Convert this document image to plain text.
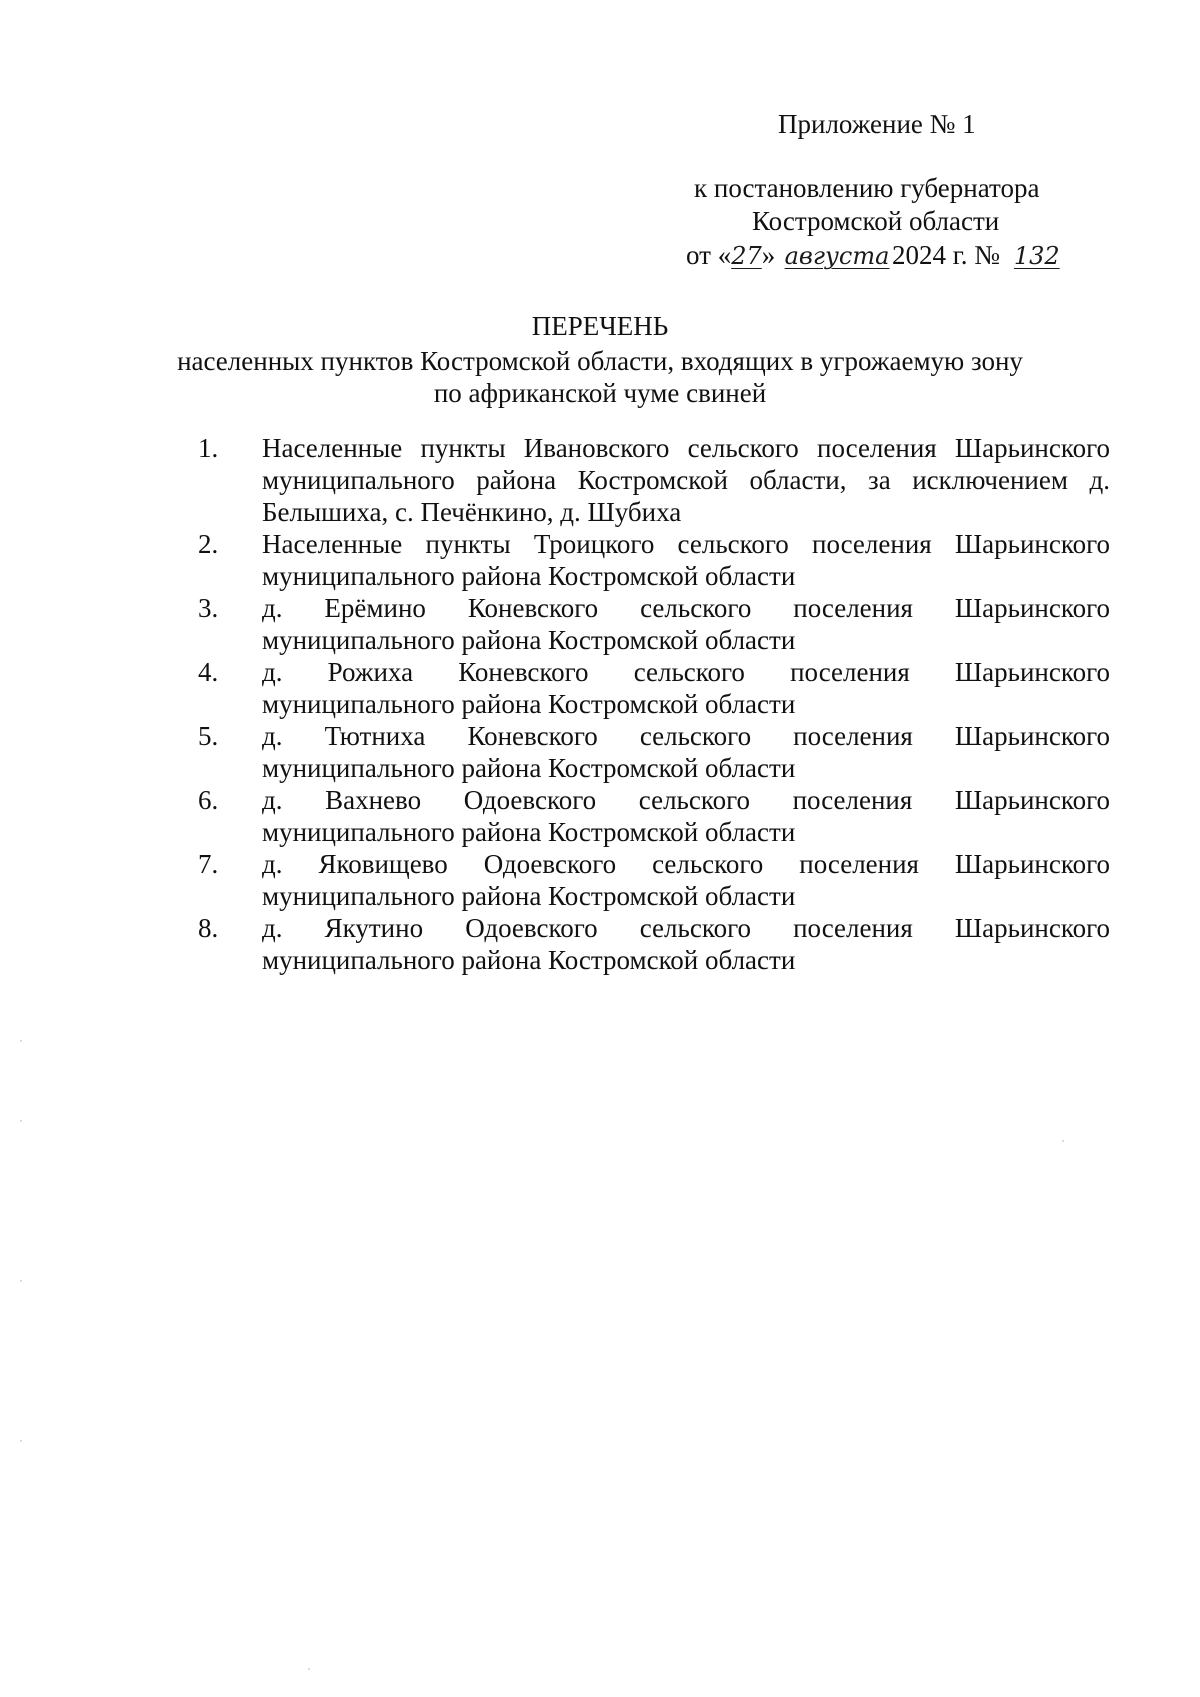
Приложение № 1
к постановлению губернатора
Костромской области
от «27» августа2024 г. № 132
ПЕРЕЧЕНЬ
населенных пунктов Костромской области, входящих в угрожаемую зону
по африканской чуме свиней
1. Населенные пункты Ивановского сельского поселения Шарьинского муниципального района Костромской области, за исключением д. Белышиха, с. Печёнкино, д. Шубиха
2. Населенные пункты Троицкого сельского поселения Шарьинского муниципального района Костромской области
3. д. Ерёмино Коневского сельского поселения Шарьинского муниципального района Костромской области
4. д. Рожиха Коневского сельского поселения Шарьинского муниципального района Костромской области
5. д. Тютниха Коневского сельского поселения Шарьинского муниципального района Костромской области
6. д. Вахнево Одоевского сельского поселения Шарьинского муниципального района Костромской области
7. д. Яковищево Одоевского сельского поселения Шарьинского муниципального района Костромской области
8. д. Якутино Одоевского сельского поселения Шарьинского муниципального района Костромской области
